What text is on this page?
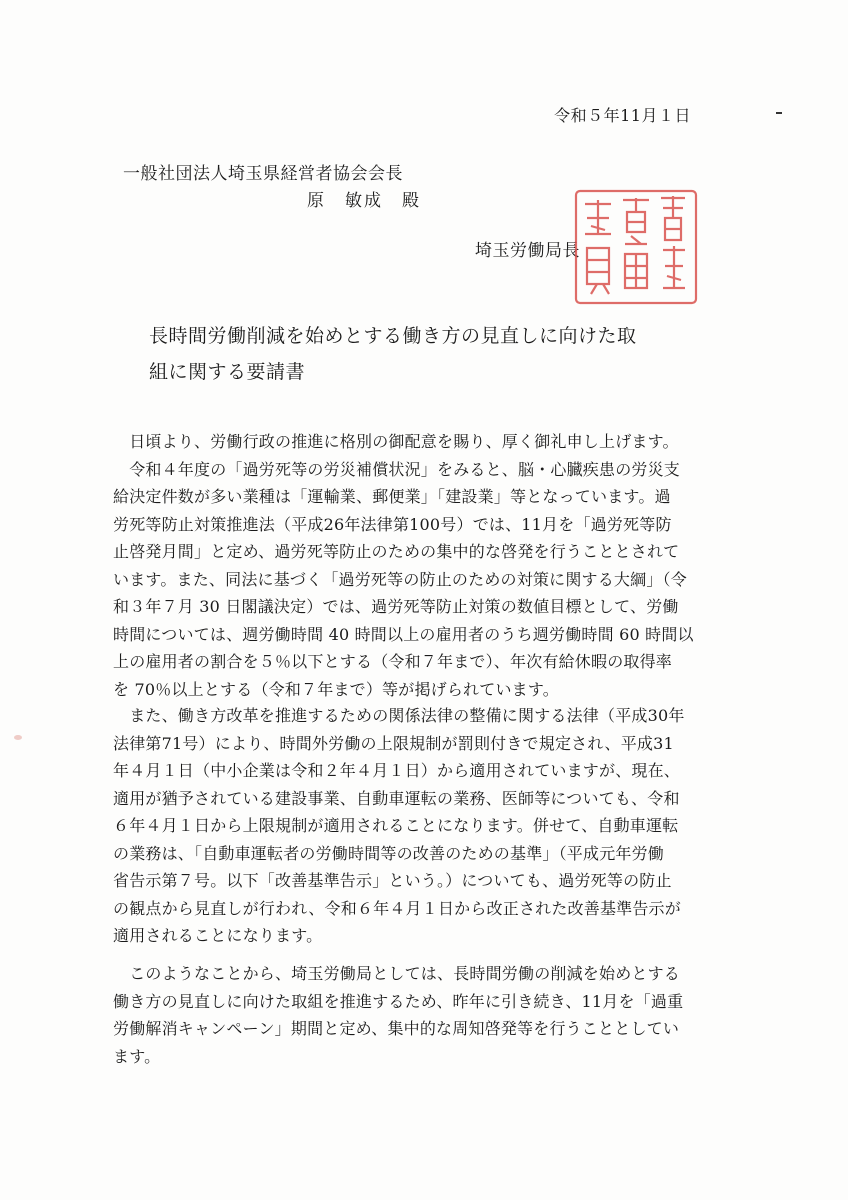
令和５年11月１日
一般社団法人埼玉県経営者協会会長
原　敏成　殿
埼玉労働局長
長時間労働削減を始めとする働き方の見直しに向けた取
組に関する要請書
　日頃より、労働行政の推進に格別の御配意を賜り、厚く御礼申し上げます。
　令和４年度の「過労死等の労災補償状況」をみると、脳・心臓疾患の労災支
給決定件数が多い業種は「運輸業、郵便業」「建設業」等となっています。過
労死等防止対策推進法（平成26年法律第100号）では、11月を「過労死等防
止啓発月間」と定め、過労死等防止のための集中的な啓発を行うこととされて
います。また、同法に基づく「過労死等の防止のための対策に関する大綱」（令
和３年７月 30 日閣議決定）では、過労死等防止対策の数値目標として、労働
時間については、週労働時間 40 時間以上の雇用者のうち週労働時間 60 時間以
上の雇用者の割合を５％以下とする（令和７年まで）、年次有給休暇の取得率
を 70％以上とする（令和７年まで）等が掲げられています。
　また、働き方改革を推進するための関係法律の整備に関する法律（平成30年
法律第71号）により、時間外労働の上限規制が罰則付きで規定され、平成31
年４月１日（中小企業は令和２年４月１日）から適用されていますが、現在、
適用が猶予されている建設事業、自動車運転の業務、医師等についても、令和
６年４月１日から上限規制が適用されることになります。併せて、自動車運転
の業務は、「自動車運転者の労働時間等の改善のための基準」（平成元年労働
省告示第７号。以下「改善基準告示」という。）についても、過労死等の防止
の観点から見直しが行われ、令和６年４月１日から改正された改善基準告示が
適用されることになります。
　このようなことから、埼玉労働局としては、長時間労働の削減を始めとする
働き方の見直しに向けた取組を推進するため、昨年に引き続き、11月を「過重
労働解消キャンペーン」期間と定め、集中的な周知啓発等を行うこととしてい
ます。
